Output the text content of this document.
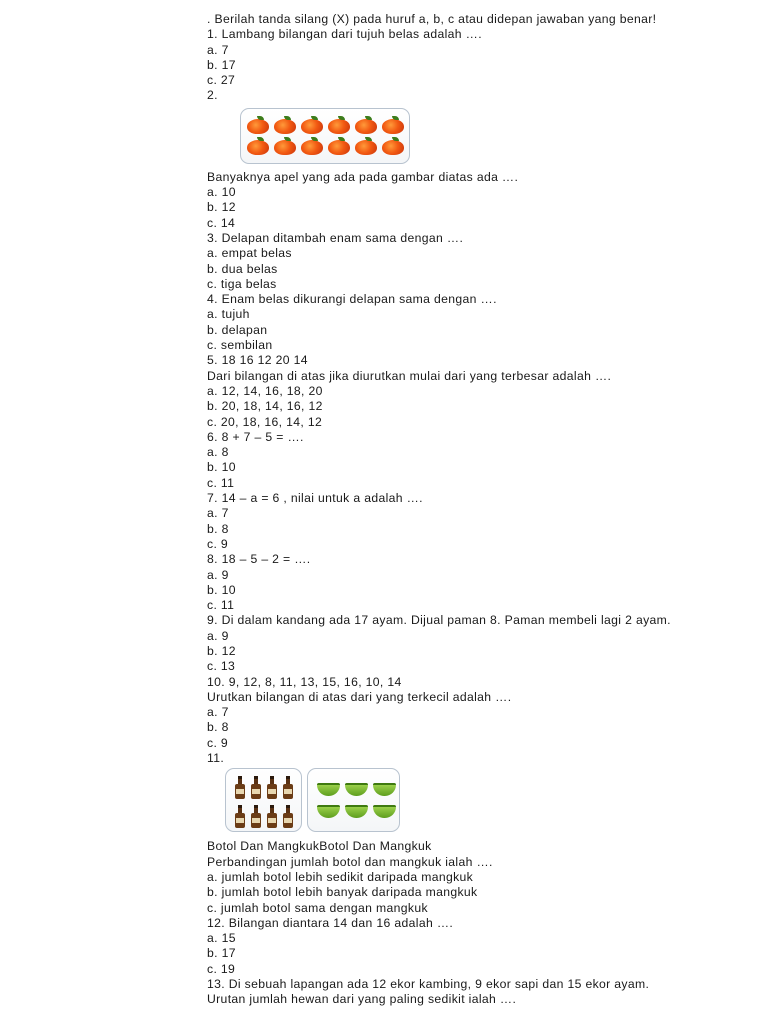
. Berilah tanda silang (X) pada huruf a, b, c atau didepan jawaban yang benar!
1. Lambang bilangan dari tujuh belas adalah ….
a. 7
b. 17
c. 27
2.
Banyaknya apel yang ada pada gambar diatas ada ….
a. 10
b. 12
c. 14
3. Delapan ditambah enam sama dengan ….
a. empat belas
b. dua belas
c. tiga belas
4. Enam belas dikurangi delapan sama dengan ….
a. tujuh
b. delapan
c. sembilan
5. 18 16 12 20 14
Dari bilangan di atas jika diurutkan mulai dari yang terbesar adalah ….
a. 12, 14, 16, 18, 20
b. 20, 18, 14, 16, 12
c. 20, 18, 16, 14, 12
6. 8 + 7 – 5 = ….
a. 8
b. 10
c. 11
7. 14 – a = 6 , nilai untuk a adalah ….
a. 7
b. 8
c. 9
8. 18 – 5 – 2 = ….
a. 9
b. 10
c. 11
9. Di dalam kandang ada 17 ayam. Dijual paman 8. Paman membeli lagi 2 ayam.
a. 9
b. 12
c. 13
10. 9, 12, 8, 11, 13, 15, 16, 10, 14
Urutkan bilangan di atas dari yang terkecil adalah ….
a. 7
b. 8
c. 9
11.
Botol Dan MangkukBotol Dan Mangkuk
Perbandingan jumlah botol dan mangkuk ialah ….
a. jumlah botol lebih sedikit daripada mangkuk
b. jumlah botol lebih banyak daripada mangkuk
c. jumlah botol sama dengan mangkuk
12. Bilangan diantara 14 dan 16 adalah ….
a. 15
b. 17
c. 19
13. Di sebuah lapangan ada 12 ekor kambing, 9 ekor sapi dan 15 ekor ayam.
Urutan jumlah hewan dari yang paling sedikit ialah ….
